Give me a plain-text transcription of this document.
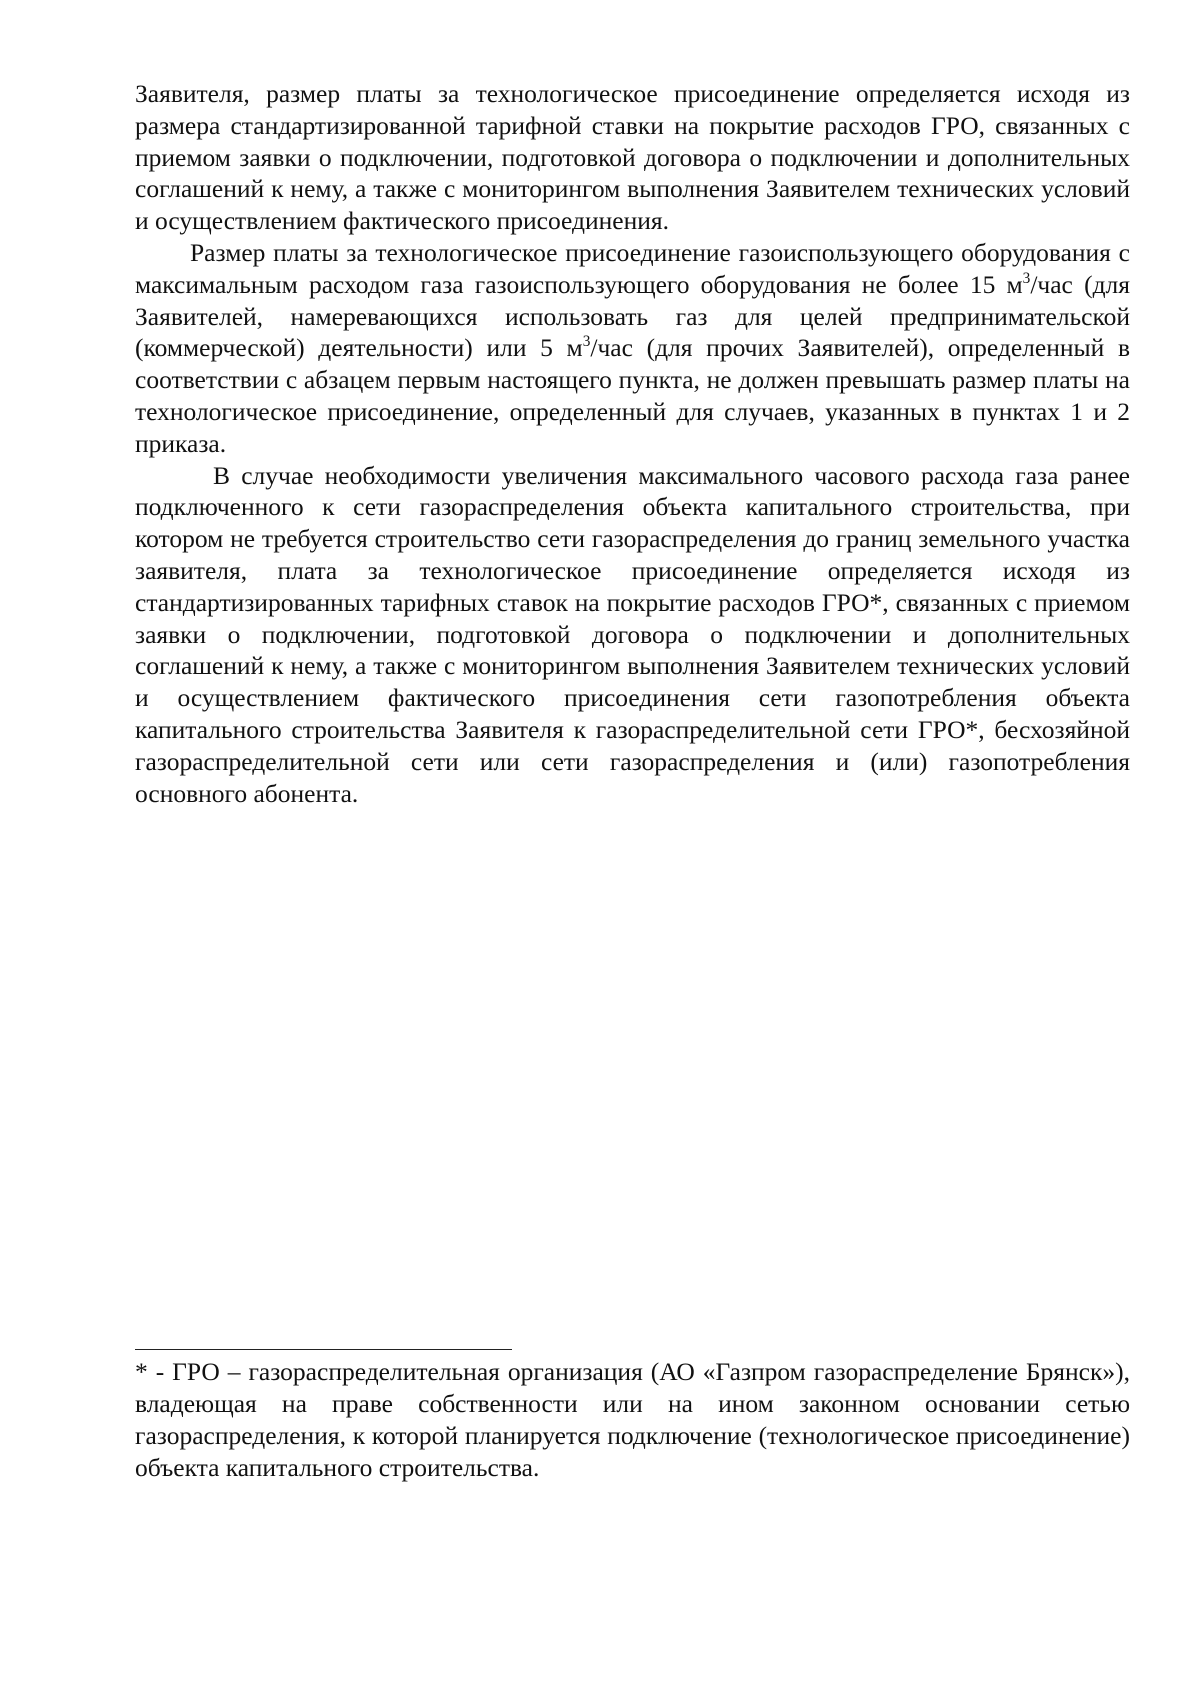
Заявителя, размер платы за технологическое присоединение определяется исходя из размера стандартизированной тарифной ставки на покрытие расходов ГРО, связанных с приемом заявки о подключении, подготовкой договора о подключении и дополнительных соглашений к нему, а также с мониторингом выполнения Заявителем технических условий и осуществлением фактического присоединения.

Размер платы за технологическое присоединение газоиспользующего оборудования с максимальным расходом газа газоиспользующего оборудования не более 15 $м^3$/час (для Заявителей, намеревающихся использовать газ для целей предпринимательской (коммерческой) деятельности) или 5 $м^3$/час (для прочих Заявителей), определенный в соответствии с абзацем первым настоящего пункта, не должен превышать размер платы на технологическое присоединение, определенный для случаев, указанных в пунктах 1 и 2 приказа.

В случае необходимости увеличения максимального часового расхода газа ранее подключенного к сети газораспределения объекта капитального строительства, при котором не требуется строительство сети газораспределения до границ земельного участка заявителя, плата за технологическое присоединение определяется исходя из стандартизированных тарифных ставок на покрытие расходов ГРО*, связанных с приемом заявки о подключении, подготовкой договора о подключении и дополнительных соглашений к нему, а также с мониторингом выполнения Заявителем технических условий и осуществлением фактического присоединения сети газопотребления объекта капитального строительства Заявителя к газораспределительной сети ГРО*, бесхозяйной газораспределительной сети или сети газораспределения и (или) газопотребления основного абонента.

* - ГРО – газораспределительная организация (АО «Газпром газораспределение Брянск»), владеющая на праве собственности или на ином законном основании сетью газораспределения, к которой планируется подключение (технологическое присоединение) объекта капитального строительства.
